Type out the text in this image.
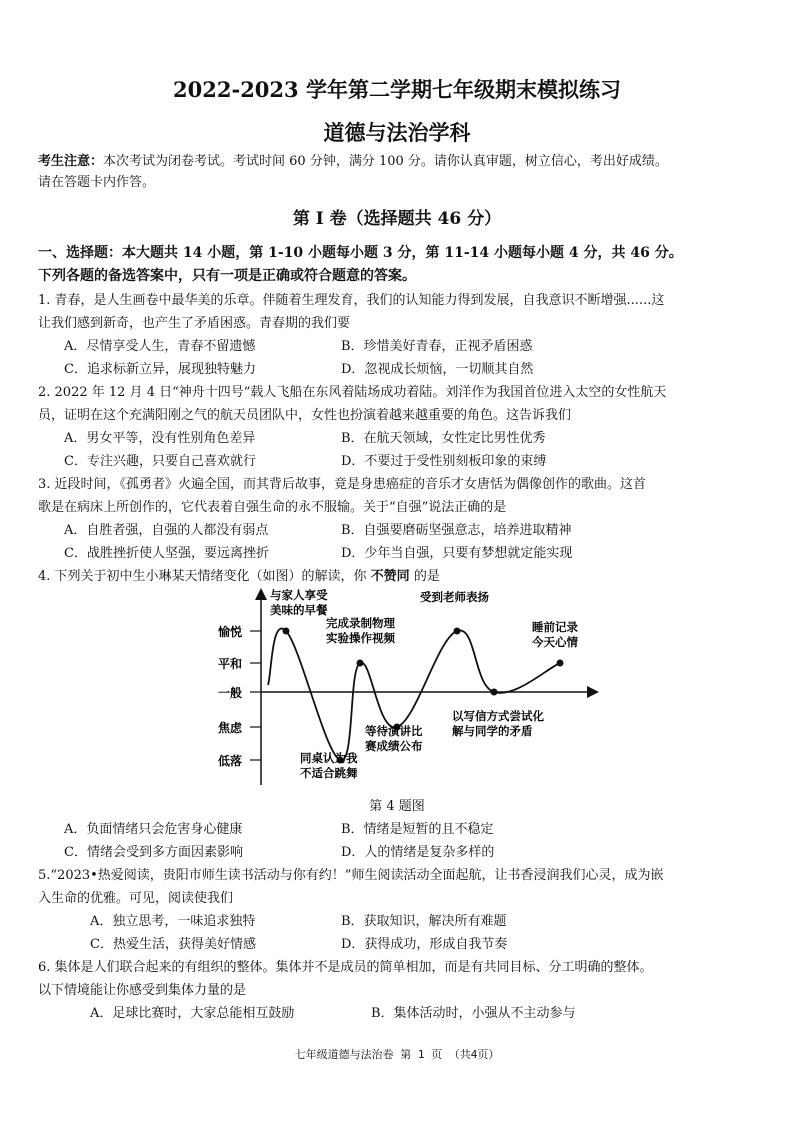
2022-2023 学年第二学期七年级期末模拟练习
道德与法治学科
考生注意：本次考试为闭卷考试。考试时间 60 分钟，满分 100 分。请你认真审题，树立信心，考出好成绩。
请在答题卡内作答。
第 Ⅰ 卷（选择题共 46 分）
一、选择题：本大题共 14 小题，第 1-10 小题每小题 3 分，第 11-14 小题每小题 4 分，共 46 分。
下列各题的备选答案中，只有一项是正确或符合题意的答案。
1. 青春，是人生画卷中最华美的乐章。伴随着生理发育，我们的认知能力得到发展，自我意识不断增强......这
让我们感到新奇，也产生了矛盾困惑。青春期的我们要
A．尽情享受人生，青春不留遗憾	B．珍惜美好青春，正视矛盾困惑
C．追求标新立异，展现独特魅力	D．忽视成长烦恼，一切顺其自然
2. 2022 年 12 月 4 日“神舟十四号”载人飞船在东风着陆场成功着陆。刘洋作为我国首位进入太空的女性航天
员，证明在这个充满阳刚之气的航天员团队中，女性也扮演着越来越重要的角色。这告诉我们
A．男女平等，没有性别角色差异	B．在航天领域，女性定比男性优秀
C．专注兴趣，只要自己喜欢就行	D．不要过于受性别刻板印象的束缚
3. 近段时间，《孤勇者》火遍全国，而其背后故事，竟是身患癌症的音乐才女唐恬为偶像创作的歌曲。这首
歌是在病床上所创作的，它代表着自强生命的永不服输。关于“自强”说法正确的是
A．自胜者强，自强的人都没有弱点	B．自强要磨砺坚强意志，培养进取精神
C．战胜挫折使人坚强，要远离挫折	D．少年当自强，只要有梦想就定能实现
4. 下列关于初中生小琳某天情绪变化（如图）的解读，你 不赞同 的是
愉悦
平和
一般
焦虑
低落
与家人享受
美味的早餐
同桌认为我
不适合跳舞
完成录制物理
实验操作视频
等待演讲比
赛成绩公布
受到老师表扬
以写信方式尝试化
解与同学的矛盾
睡前记录
今天心情
第 4 题图
A．负面情绪只会危害身心健康	B．情绪是短暂的且不稳定
C．情绪会受到多方面因素影响	D．人的情绪是复杂多样的
5.“2023•热爱阅读，贵阳市师生读书活动与你有约！”师生阅读活动全面起航，让书香浸润我们心灵，成为嵌
入生命的优雅。可见，阅读使我们
A．独立思考，一味追求独特	B．获取知识，解决所有难题
C．热爱生活，获得美好情感	D．获得成功，形成自我节奏
6. 集体是人们联合起来的有组织的整体。集体并不是成员的简单相加，而是有共同目标、分工明确的整体。
以下情境能让你感受到集体力量的是
A．足球比赛时，大家总能相互鼓励	B．集体活动时，小强从不主动参与
七年级道德与法治卷 第 1 页 （共4页）
